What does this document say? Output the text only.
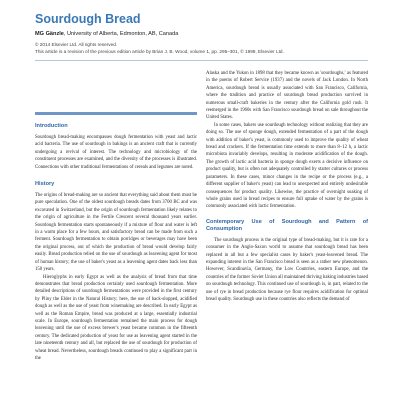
Sourdough Bread
MG Gänzle, University of Alberta, Edmonton, AB, Canada
© 2014 Elsevier Ltd. All rights reserved.
This article is a revision of the previous edition article by Brian J. B. Wood, volume 1, pp. 295–301, © 1999, Elsevier Ltd.
Introduction

Sourdough bread-making encompasses dough fermentation with yeast and lactic acid bacteria. The use of sourdough in bakings is an ancient craft that is currently undergoing a revival of interest. The technology and microbiology of the constituent processes are examined, and the diversity of the processes is illustrated. Connections with other traditional fermentations of cereals and legumes are noted.

History

The origins of bread-making are so ancient that everything said about them must be pure speculation. One of the oldest sourdough breads dates from 3700 BC and was excavated in Switzerland, but the origin of sourdough fermentation likely relates to the origin of agriculture in the Fertile Crescent several thousand years earlier. Sourdough fermentation starts spontaneously if a mixture of flour and water is left in a warm place for a few hours, and satisfactory bread can be made from such a ferment. Sourdough fermentation to obtain porridges or beverages may have been the original process, out of which the production of bread would develop fairly easily. Bread production relied on the use of sourdough as leavening agent for most of human history; the use of baker's yeast as a leavening agent dates back less than 150 years.

Hieroglyphs in early Egypt as well as the analysis of bread from that time demonstrates that bread production certainly used sourdough fermentation. More detailed descriptions of sourdough fermentations were provided in the first century by Pliny the Elder in the Natural History; here, the use of back-slopped, acidified dough as well as the use of yeast from winemaking are described. In early Egypt as well as the Roman Empire, bread was produced at a large, essentially industrial scale. In Europe, sourdough fermentation remained the main process for dough leavening until the use of excess brewer's yeast became common in the fifteenth century. The dedicated production of yeast for use as leavening agent started in the late nineteenth century and all, but replaced the use of sourdough for production of wheat bread. Nevertheless, sourdough breads continued to play a significant part in the

Alaska and the Yukon in 1898 that they became known as 'sourdoughs,' as featured in the poems of Robert Service (1937) and the novels of Jack London. In North America, sourdough bread is usually associated with San Francisco, California, where the tradition and practice of sourdough bread production survived in numerous small-craft bakeries in the century after the California gold rush. It reemerged in the 1960s with San Francisco sourdough bread on sale throughout the United States.

In some cases, bakers use sourdough technology without realizing that they are doing so. The use of sponge dough, extended fermentation of a part of the dough with addition of baker's yeast, is commonly used to improve the quality of wheat bread and crackers. If the fermentation time extends to more than 8–12 h, a lactic microbiota invariably develops, resulting in moderate acidification of the dough. The growth of lactic acid bacteria in sponge dough exerts a decisive influence on product quality, but is often not adequately controlled by starter cultures or process parameters. In these cases, minor changes in the recipe or the process (e.g., a different supplier of baker's yeast) can lead to unexpected and entirely undesirable consequences for product quality. Likewise, the practice of overnight soaking of whole grains used in bread recipes to ensure full uptake of water by the grains is commonly associated with lactic fermentation.

Contemporary Use of Sourdough and Pattern of Consumption

The sourdough process is the original type of bread-making, but it is rare for a consumer in the Anglo-Saxon world to assume that sourdough bread has been replaced in all but a few specialist cases by baker's yeast-leavened bread. The expanding interest in the San Francisco bread is seen as a rather new phenomenon. However, Scandinavia, Germany, the Low Countries, eastern Europe, and the countries of the former Soviet Union all maintained thriving baking industries based on sourdough technology. This continued use of sourdough is, in part, related to the use of rye in bread production because rye flour requires acidification for optimal bread quality. Sourdough use in these countries also reflects the demand of
